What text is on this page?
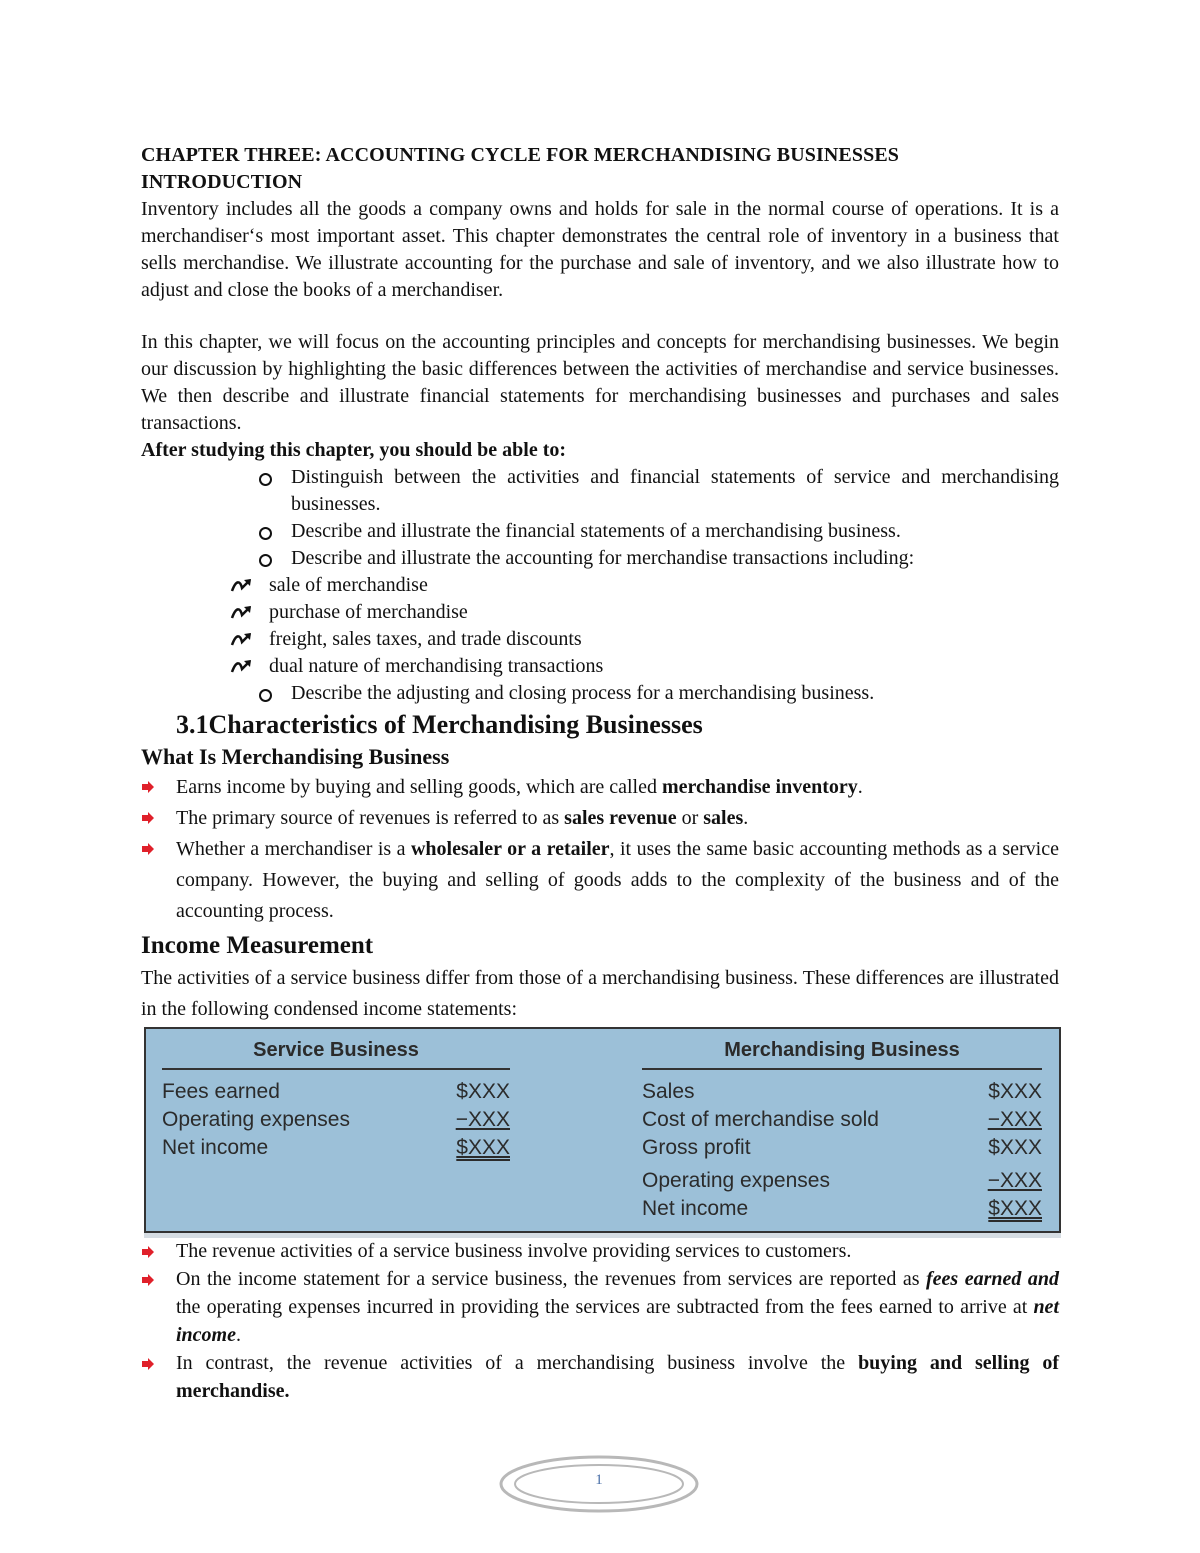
CHAPTER THREE: ACCOUNTING CYCLE FOR MERCHANDISING BUSINESSES

INTRODUCTION

Inventory includes all the goods a company owns and holds for sale in the normal course of operations. It is a merchandiser‘s most important asset. This chapter demonstrates the central role of inventory in a business that sells merchandise. We illustrate accounting for the purchase and sale of inventory, and we also illustrate how to adjust and close the books of a merchandiser.

In this chapter, we will focus on the accounting principles and concepts for merchandising businesses. We begin our discussion by highlighting the basic differences between the activities of merchandise and service businesses. We then describe and illustrate financial statements for merchandising businesses and purchases and sales transactions.

After studying this chapter, you should be able to:

Distinguish between the activities and financial statements of service and merchandising businesses.
Describe and illustrate the financial statements of a merchandising business.
Describe and illustrate the accounting for merchandise transactions including:
sale of merchandise
purchase of merchandise
freight, sales taxes, and trade discounts
dual nature of merchandising transactions
Describe the adjusting and closing process for a merchandising business.

3.1Characteristics of Merchandising Businesses

What Is Merchandising Business

Earns income by buying and selling goods, which are called merchandise inventory.
The primary source of revenues is referred to as sales revenue or sales.
Whether a merchandiser is a wholesaler or a retailer, it uses the same basic accounting methods as a service company. However, the buying and selling of goods adds to the complexity of the business and of the accounting process.

Income Measurement

The activities of a service business differ from those of a merchandising business. These differences are illustrated in the following condensed income statements:

Service Business
Fees earned	$XXX
Operating expenses	−XXX
Net income	$XXX
Merchandising Business
Sales	$XXX
Cost of merchandise sold	−XXX
Gross profit	$XXX
Operating expenses	−XXX
Net income	$XXX
The revenue activities of a service business involve providing services to customers.
On the income statement for a service business, the revenues from services are reported as fees earned and the operating expenses incurred in providing the services are subtracted from the fees earned to arrive at net income.
In contrast, the revenue activities of a merchandising business involve the buying and selling of merchandise.
1
